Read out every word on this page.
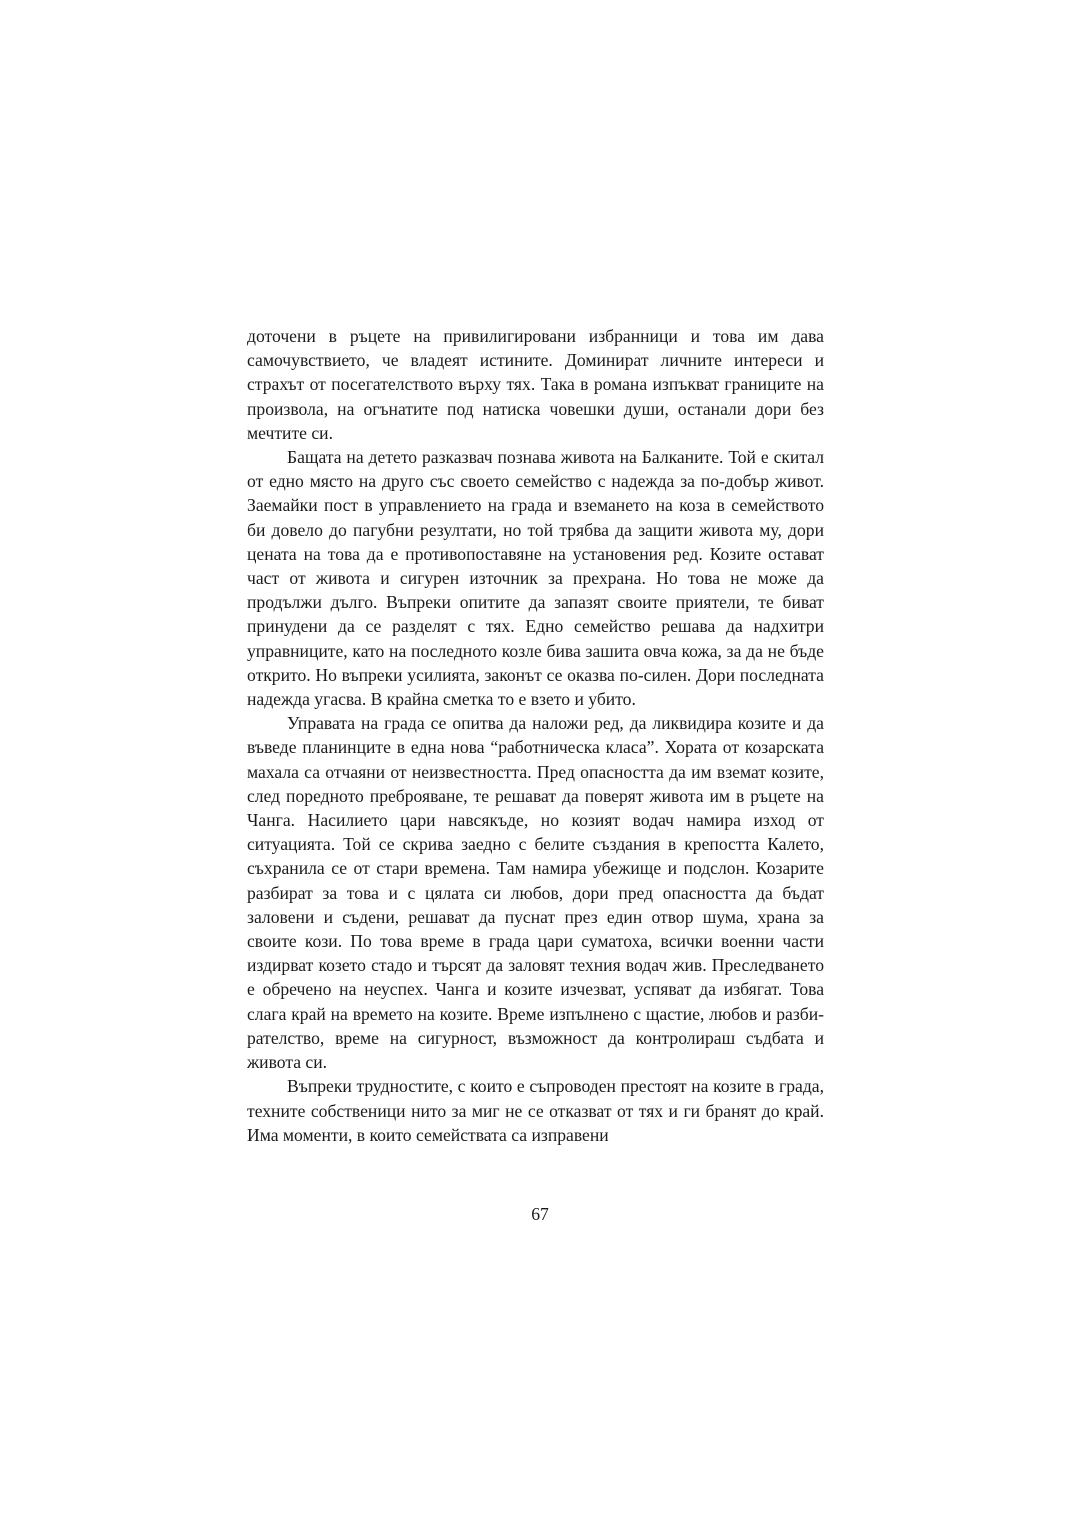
доточени в ръцете на привилигировани избранници и това им дава самочувствието, че владеят истините. Доминират личните интереси и страхът от посегателството върху тях. Така в романа изпъкват границите на произвола, на огънатите под натиска човешки души, останали дори без мечтите си.

Бащата на детето разказвач познава живота на Балканите. Той е скитал от едно място на друго със своето семейство с надежда за по-добър живот. Заемайки пост в управлението на града и вземането на коза в семейството би довело до пагубни резултати, но той трябва да защити живота му, дори цената на това да е противопоставяне на установения ред. Козите остават част от живота и сигурен източник за прехрана. Но това не може да продължи дълго. Въпреки опитите да запазят своите приятели, те биват принудени да се разделят с тях. Едно семейство решава да надхитри управниците, като на последното козле бива зашита овча кожа, за да не бъде открито. Но въпреки усилията, законът се оказва по-силен. Дори последната надежда угасва. В крайна сметка то е взето и убито.

Управата на града се опитва да наложи ред, да ликвидира козите и да въведе планинците в една нова “работническа класа”. Хората от козарската махала са отчаяни от неизвестността. Пред опасността да им вземат козите, след поредното преброяване, те решават да поверят живота им в ръцете на Чанга. Насилието цари навсякъде, но козият водач намира изход от ситуацията. Той се скрива заедно с белите създания в крепостта Калето, съхранила се от стари времена. Там намира убежище и подслон. Козарите разбират за това и с цялата си любов, дори пред опасността да бъдат заловени и съдени, решават да пуснат през един отвор шума, храна за своите кози. По това време в града цари суматоха, всички военни части издирват козето стадо и търсят да заловят техния водач жив. Преследването е обречено на неуспех. Чанга и козите изчезват, успяват да избягат. Това слага край на времето на козите. Време изпълнено с щастие, любов и разбирателство, време на сигурност, възможност да контролираш съдбата и живота си.

Въпреки трудностите, с които е съпроводен престоят на козите в града, техните собственици нито за миг не се отказват от тях и ги бранят до край. Има моменти, в които семействата са изправени

67
